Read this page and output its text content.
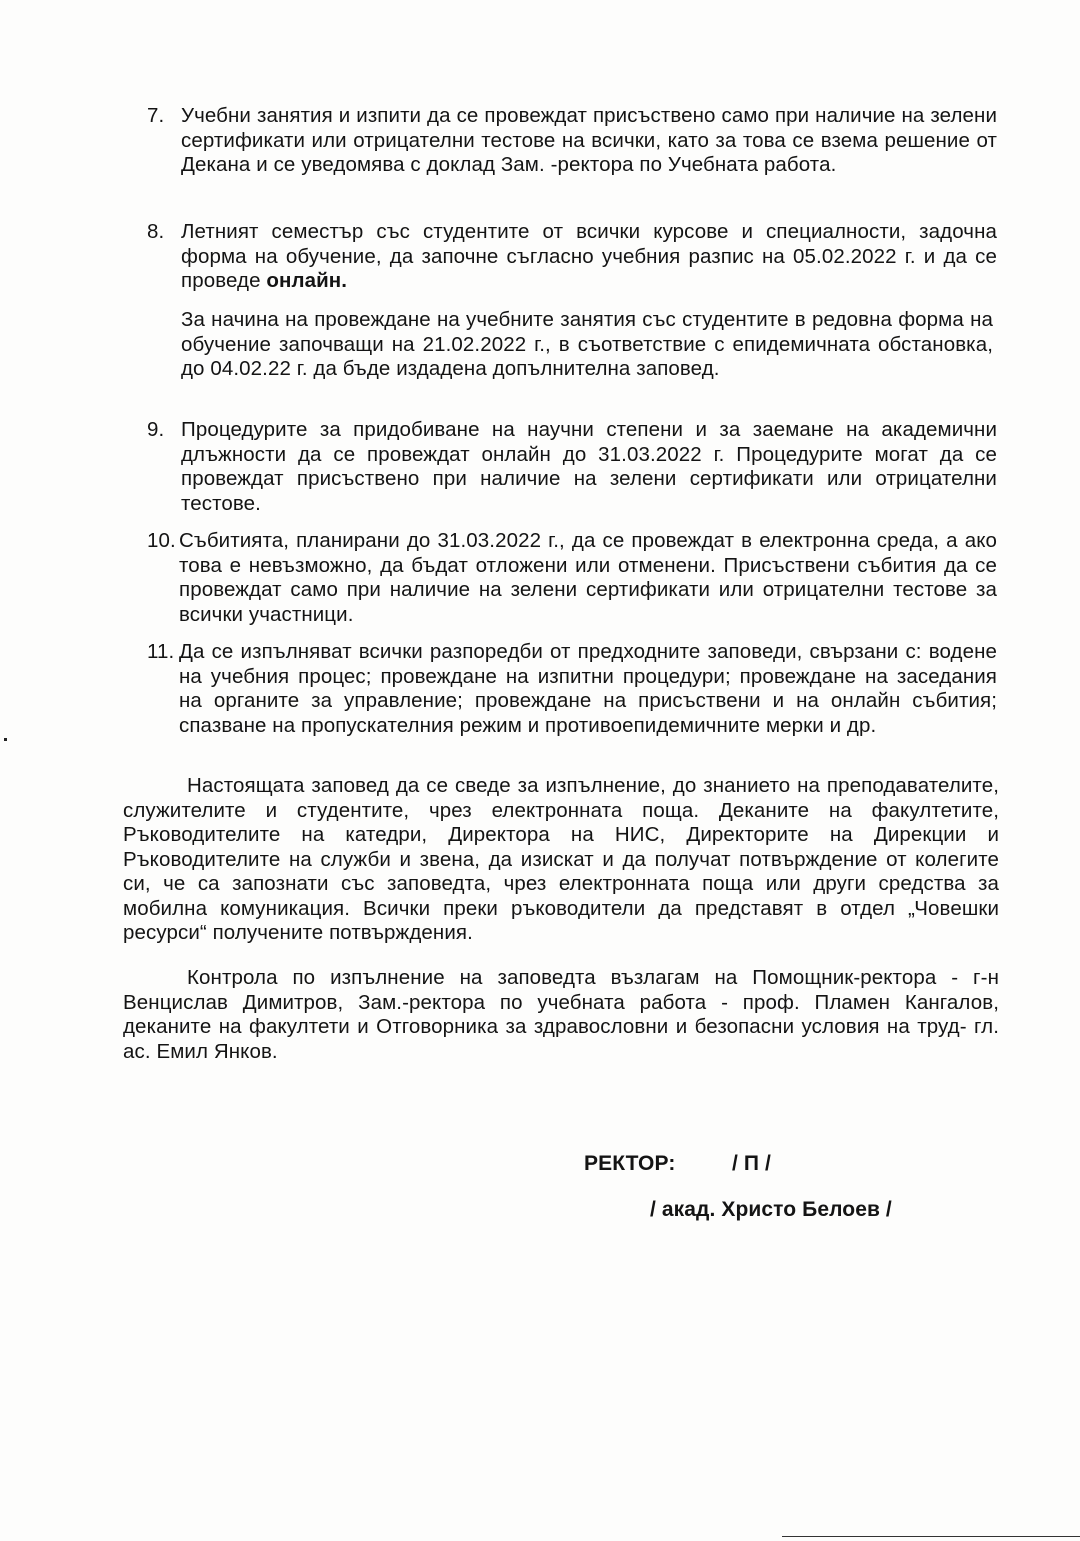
7. Учебни занятия и изпити да се провеждат присъствено само при наличие на зелени сертификати или отрицателни тестове на всички, като за това се взема решение от Декана и се уведомява с доклад Зам. -ректора по Учебната работа.
8. Летният семестър със студентите от всички курсове и специалности, задочна форма на обучение, да започне съгласно учебния разпис на 05.02.2022 г. и да се проведе онлайн.
За начина на провеждане на учебните занятия със студентите в редовна форма на обучение започващи на 21.02.2022 г., в съответствие с епидемичната обстановка, до 04.02.22 г. да бъде издадена допълнителна заповед.
9. Процедурите за придобиване на научни степени и за заемане на академични длъжности да се провеждат онлайн до 31.03.2022 г. Процедурите могат да се провеждат присъствено при наличие на зелени сертификати или отрицателни тестове.
10. Събитията, планирани до 31.03.2022 г., да се провеждат в електронна среда, а ако това е невъзможно, да бъдат отложени или отменени. Присъствени събития да се провеждат само при наличие на зелени сертификати или отрицателни тестове за всички участници.
11. Да се изпълняват всички разпоредби от предходните заповеди, свързани с: водене на учебния процес; провеждане на изпитни процедури; провеждане на заседания на органите за управление; провеждане на присъствени и на онлайн събития; спазване на пропускателния режим и противоепидемичните мерки и др.
Настоящата заповед да се сведе за изпълнение, до знанието на преподавателите, служителите и студентите, чрез електронната поща. Деканите на факултетите, Ръководителите на катедри, Директора на НИС, Директорите на Дирекции и Ръководителите на служби и звена, да изискат и да получат потвърждение от колегите си, че са запознати със заповедта, чрез електронната поща или други средства за мобилна комуникация. Всички преки ръководители да представят в отдел „Човешки ресурси“ получените потвърждения.
Контрола по изпълнение на заповедта възлагам на Помощник-ректора - г-н Венцислав Димитров, Зам.-ректора по учебната работа - проф. Пламен Кангалов, деканите на факултети и Отговорника за здравословни и безопасни условия на труд- гл. ас. Емил Янков.
РЕКТОР:	/ П /
/ акад. Христо Белоев /
